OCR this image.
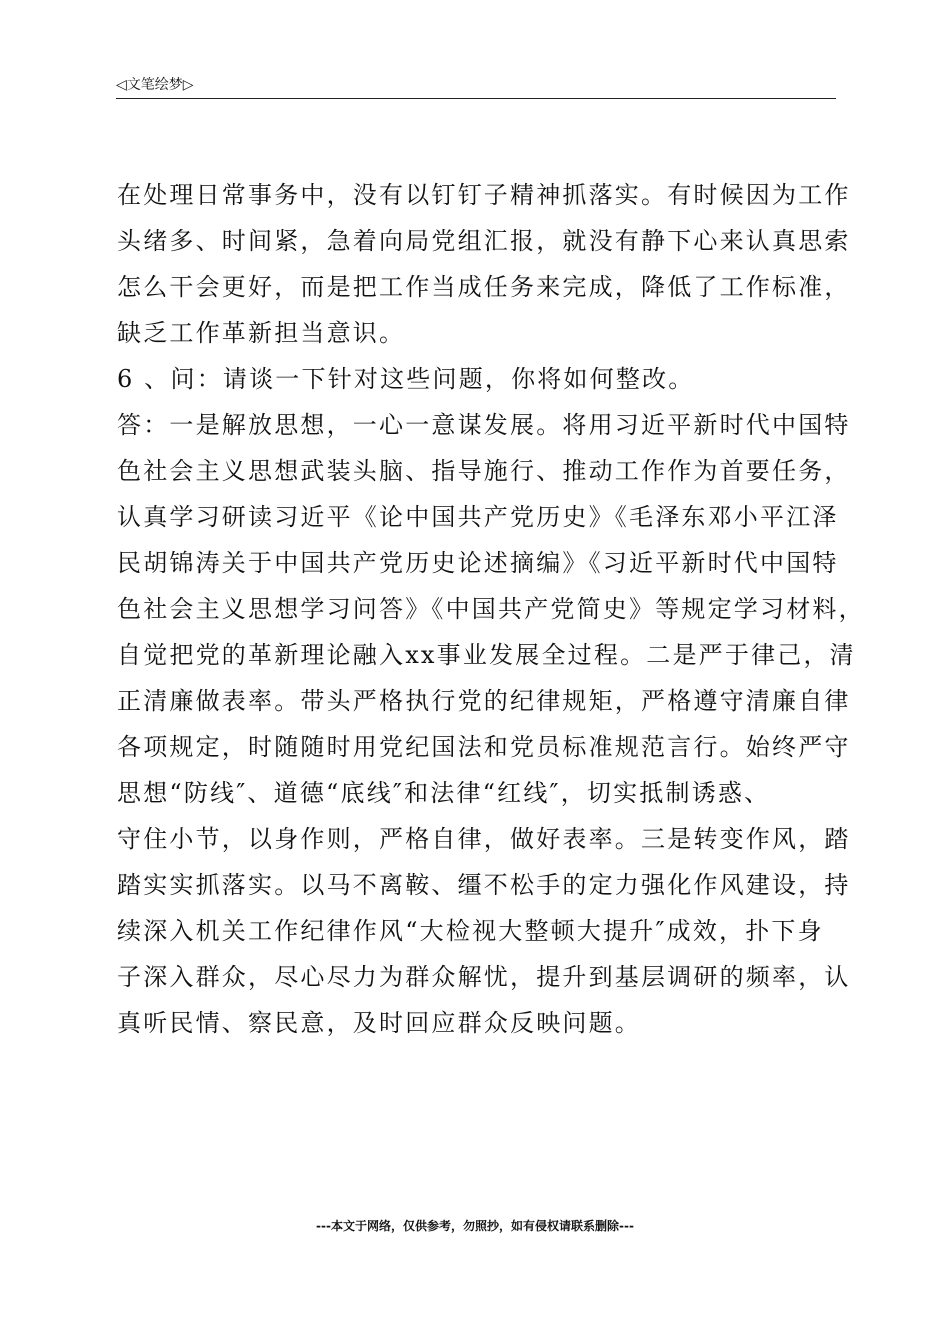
◁文笔绘梦▷
在处理日常事务中，没有以钉钉子精神抓落实。有时候因为工作
头绪多、时间紧，急着向局党组汇报，就没有静下心来认真思索
怎么干会更好，而是把工作当成任务来完成，降低了工作标准，
缺乏工作革新担当意识。
6 、问：请谈一下针对这些问题，你将如何整改。
答：一是解放思想，一心一意谋发展。将用习近平新时代中国特
色社会主义思想武装头脑、指导施行、推动工作作为首要任务，
认真学习研读习近平《论中国共产党历史》《毛泽东邓小平江泽
民胡锦涛关于中国共产党历史论述摘编》《习近平新时代中国特
色社会主义思想学习问答》《中国共产党简史》等规定学习材料，
自觉把党的革新理论融入xx事业发展全过程。二是严于律己，清
正清廉做表率。带头严格执行党的纪律规矩，严格遵守清廉自律
各项规定，时随随时用党纪国法和党员标准规范言行。始终严守
思想“防线″、道德“底线″和法律“红线″，切实抵制诱惑、
守住小节，以身作则，严格自律，做好表率。三是转变作风，踏
踏实实抓落实。以马不离鞍、缰不松手的定力强化作风建设，持
续深入机关工作纪律作风“大检视大整顿大提升″成效，扑下身
子深入群众，尽心尽力为群众解忧，提升到基层调研的频率，认
真听民情、察民意，及时回应群众反映问题。
---本文于网络，仅供参考，勿照抄，如有侵权请联系删除---
